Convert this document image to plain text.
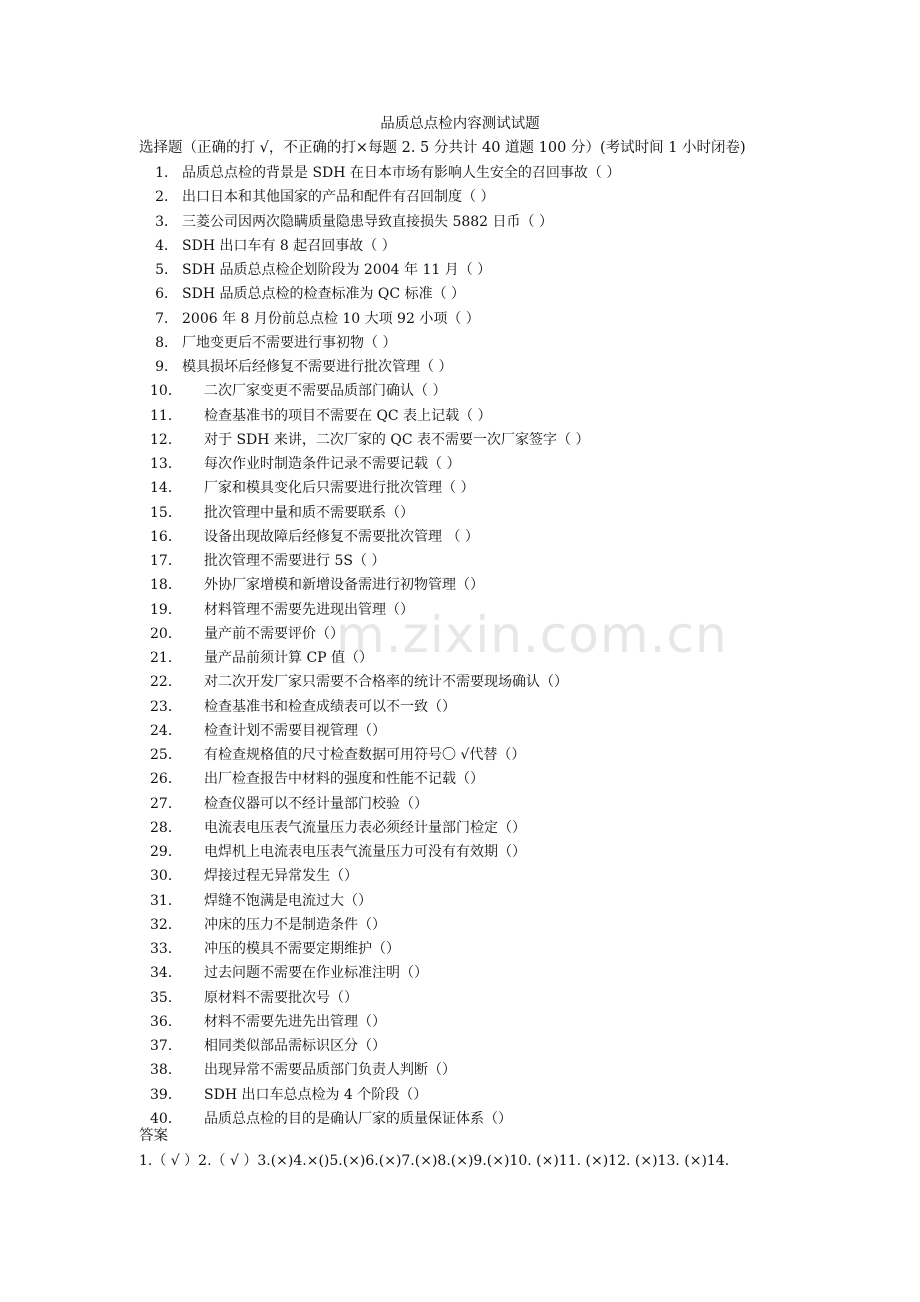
品质总点检内容测试试题
选择题（正确的打 √，不正确的打×每题 2. 5 分共计 40 道题 100 分）(考试时间 1 小时闭卷)
1． 品质总点检的背景是 SDH 在日本市场有影响人生安全的召回事故（ ）
2． 出口日本和其他国家的产品和配件有召回制度（ ）
3． 三菱公司因两次隐瞒质量隐患导致直接损失 5882 日币（ ）
4． SDH 出口车有 8 起召回事故（ ）
5． SDH 品质总点检企划阶段为 2004 年 11 月（ ）
6． SDH 品质总点检的检查标准为 QC 标准（ ）
7． 2006 年 8 月份前总点检 10 大项 92 小项（ ）
8． 厂地变更后不需要进行事初物（ ）
9． 模具损坏后经修复不需要进行批次管理（ ）
10． 二次厂家变更不需要品质部门确认（ ）
11． 检查基准书的项目不需要在 QC 表上记载（ ）
12． 对于 SDH 来讲，二次厂家的 QC 表不需要一次厂家签字（ ）
13． 每次作业时制造条件记录不需要记载（ ）
14． 厂家和模具变化后只需要进行批次管理（ ）
15． 批次管理中量和质不需要联系（）
16． 设备出现故障后经修复不需要批次管理 （ ）
17． 批次管理不需要进行 5S（ ）
18． 外协厂家增模和新增设备需进行初物管理（）
19． 材料管理不需要先进现出管理（）
20． 量产前不需要评价（）
21． 量产品前须计算 CP 值（）
22． 对二次开发厂家只需要不合格率的统计不需要现场确认（）
23． 检查基准书和检查成绩表可以不一致（）
24． 检查计划不需要目视管理（）
25． 有检查规格值的尺寸检查数据可用符号〇 √代替（）
26． 出厂检查报告中材料的强度和性能不记载（）
27． 检查仪器可以不经计量部门校验（）
28． 电流表电压表气流量压力表必须经计量部门检定（）
29． 电焊机上电流表电压表气流量压力可没有有效期（）
30． 焊接过程无异常发生（）
31． 焊缝不饱满是电流过大（）
32． 冲床的压力不是制造条件（）
33． 冲压的模具不需要定期维护（）
34． 过去问题不需要在作业标准注明（）
35． 原材料不需要批次号（）
36． 材料不需要先进先出管理（）
37． 相同类似部品需标识区分（）
38． 出现异常不需要品质部门负责人判断（）
39． SDH 出口车总点检为 4 个阶段（）
40． 品质总点检的目的是确认厂家的质量保证体系（）
答案
1.（ √ ）2.（ √ ）3.(×)4.×()5.(×)6.(×)7.(×)8.(×)9.(×)10. (×)11. (×)12. (×)13. (×)14.
m.zixin.com.cn
